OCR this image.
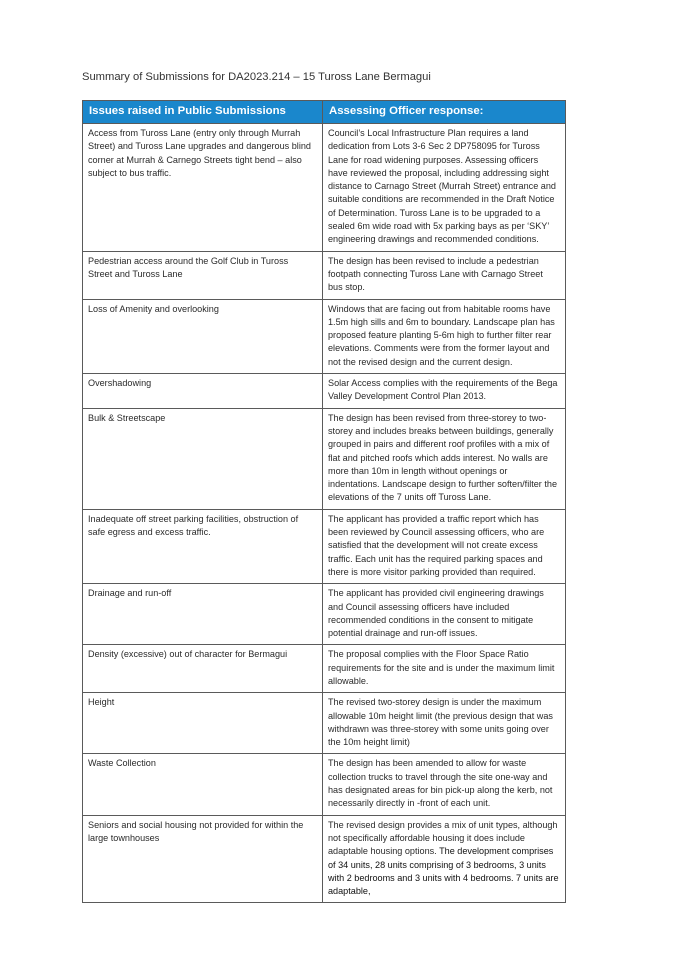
Summary of Submissions for DA2023.214 – 15 Tuross Lane Bermagui
Issues raised in Public Submissions	Assessing Officer response:
Access from Tuross Lane (entry only through Murrah Street) and Tuross Lane upgrades and dangerous blind corner at Murrah & Carnego Streets tight bend – also subject to bus traffic.	Council’s Local Infrastructure Plan requires a land dedication from Lots 3-6 Sec 2 DP758095 for Tuross Lane for road widening purposes. Assessing officers have reviewed the proposal, including addressing sight distance to Carnago Street (Murrah Street) entrance and suitable conditions are recommended in the Draft Notice of Determination. Tuross Lane is to be upgraded to a sealed 6m wide road with 5x parking bays as per ‘SKY’ engineering drawings and recommended conditions.
Pedestrian access around the Golf Club in Tuross Street and Tuross Lane	The design has been revised to include a pedestrian footpath connecting Tuross Lane with Carnago Street bus stop.
Loss of Amenity and overlooking	Windows that are facing out from habitable rooms have 1.5m high sills and 6m to boundary. Landscape plan has proposed feature planting 5-6m high to further filter rear elevations. Comments were from the former layout and not the revised design and the current design.
Overshadowing	Solar Access complies with the requirements of the Bega Valley Development Control Plan 2013.
Bulk & Streetscape	The design has been revised from three-storey to two-storey and includes breaks between buildings, generally grouped in pairs and different roof profiles with a mix of flat and pitched roofs which adds interest. No walls are more than 10m in length without openings or indentations. Landscape design to further soften/filter the elevations of the 7 units off Tuross Lane.
Inadequate off street parking facilities, obstruction of safe egress and excess traffic.	The applicant has provided a traffic report which has been reviewed by Council assessing officers, who are satisfied that the development will not create excess traffic. Each unit has the required parking spaces and there is more visitor parking provided than required.
Drainage and run-off	The applicant has provided civil engineering drawings and Council assessing officers have included recommended conditions in the consent to mitigate potential drainage and run-off issues.
Density (excessive) out of character for Bermagui	The proposal complies with the Floor Space Ratio requirements for the site and is under the maximum limit allowable.
Height	The revised two-storey design is under the maximum allowable 10m height limit (the previous design that was withdrawn was three-storey with some units going over the 10m height limit)
Waste Collection	The design has been amended to allow for waste collection trucks to travel through the site one-way and has designated areas for bin pick-up along the kerb, not necessarily directly in -front of each unit.
Seniors and social housing not provided for within the large townhouses	The revised design provides a mix of unit types, although not specifically affordable housing it does include adaptable housing options. The development comprises of 34 units, 28 units comprising of 3 bedrooms, 3 units with 2 bedrooms and 3 units with 4 bedrooms. 7 units are adaptable,
